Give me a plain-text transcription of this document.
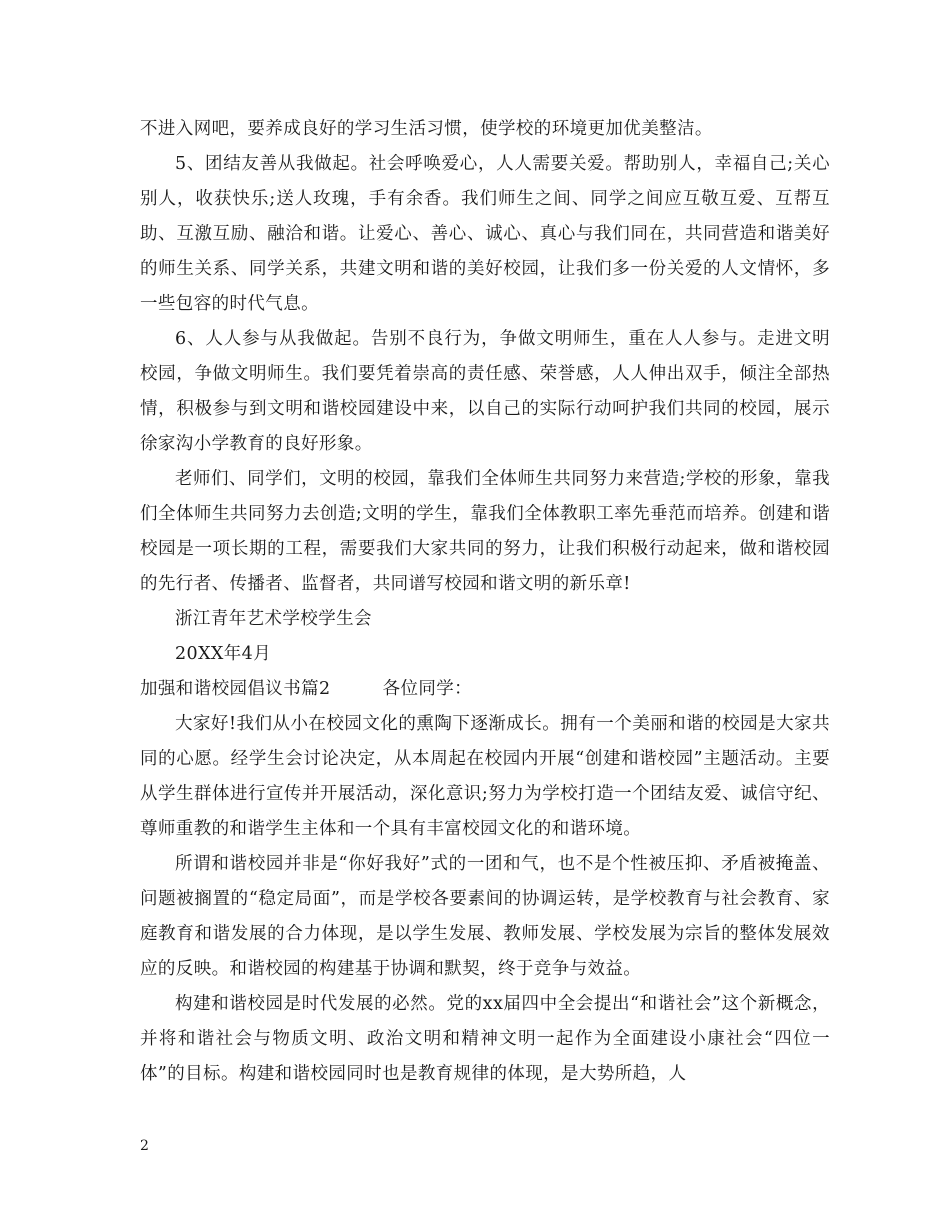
不进入网吧，要养成良好的学习生活习惯，使学校的环境更加优美整洁。

5、团结友善从我做起。社会呼唤爱心，人人需要关爱。帮助别人，幸福自己;关心别人，收获快乐;送人玫瑰，手有余香。我们师生之间、同学之间应互敬互爱、互帮互助、互激互励、融洽和谐。让爱心、善心、诚心、真心与我们同在，共同营造和谐美好的师生关系、同学关系，共建文明和谐的美好校园，让我们多一份关爱的人文情怀，多一些包容的时代气息。

6、人人参与从我做起。告别不良行为，争做文明师生，重在人人参与。走进文明校园，争做文明师生。我们要凭着崇高的责任感、荣誉感，人人伸出双手，倾注全部热情，积极参与到文明和谐校园建设中来，以自己的实际行动呵护我们共同的校园，展示徐家沟小学教育的良好形象。

老师们、同学们，文明的校园，靠我们全体师生共同努力来营造;学校的形象，靠我们全体师生共同努力去创造;文明的学生，靠我们全体教职工率先垂范而培养。创建和谐校园是一项长期的工程，需要我们大家共同的努力，让我们积极行动起来，做和谐校园的先行者、传播者、监督者，共同谱写校园和谐文明的新乐章!

浙江青年艺术学校学生会

20XX年4月

加强和谐校园倡议书篇2	各位同学：

大家好!我们从小在校园文化的熏陶下逐渐成长。拥有一个美丽和谐的校园是大家共同的心愿。经学生会讨论决定，从本周起在校园内开展“创建和谐校园”主题活动。主要从学生群体进行宣传并开展活动，深化意识;努力为学校打造一个团结友爱、诚信守纪、尊师重教的和谐学生主体和一个具有丰富校园文化的和谐环境。

所谓和谐校园并非是“你好我好”式的一团和气，也不是个性被压抑、矛盾被掩盖、问题被搁置的“稳定局面”，而是学校各要素间的协调运转，是学校教育与社会教育、家庭教育和谐发展的合力体现，是以学生发展、教师发展、学校发展为宗旨的整体发展效应的反映。和谐校园的构建基于协调和默契，终于竞争与效益。

构建和谐校园是时代发展的必然。党的xx届四中全会提出“和谐社会”这个新概念，并将和谐社会与物质文明、政治文明和精神文明一起作为全面建设小康社会“四位一体”的目标。构建和谐校园同时也是教育规律的体现，是大势所趋，人

2
